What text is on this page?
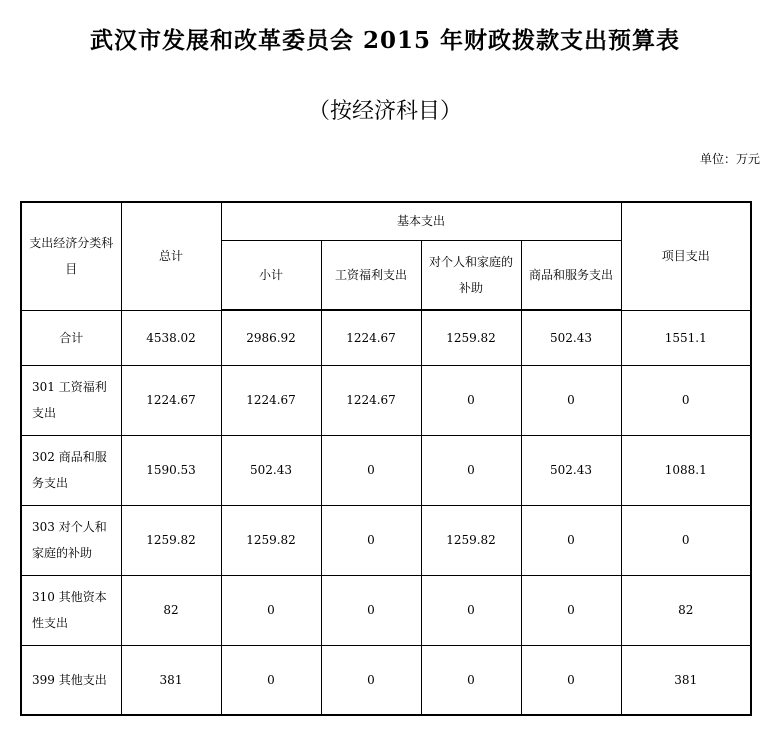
武汉市发展和改革委员会 2015 年财政拨款支出预算表
（按经济科目）
单位：万元
支出经济分类科目	总计	基本支出				项目支出
		小计	工资福利支出	对个人和家庭的补助	商品和服务支出	
合计	4538.02	2986.92	1224.67	1259.82	502.43	1551.1
301 工资福利支出	1224.67	1224.67	1224.67	0	0	0
302 商品和服务支出	1590.53	502.43	0	0	502.43	1088.1
303 对个人和家庭的补助	1259.82	1259.82	0	1259.82	0	0
310 其他资本性支出	82	0	0	0	0	82
399 其他支出	381	0	0	0	0	381
